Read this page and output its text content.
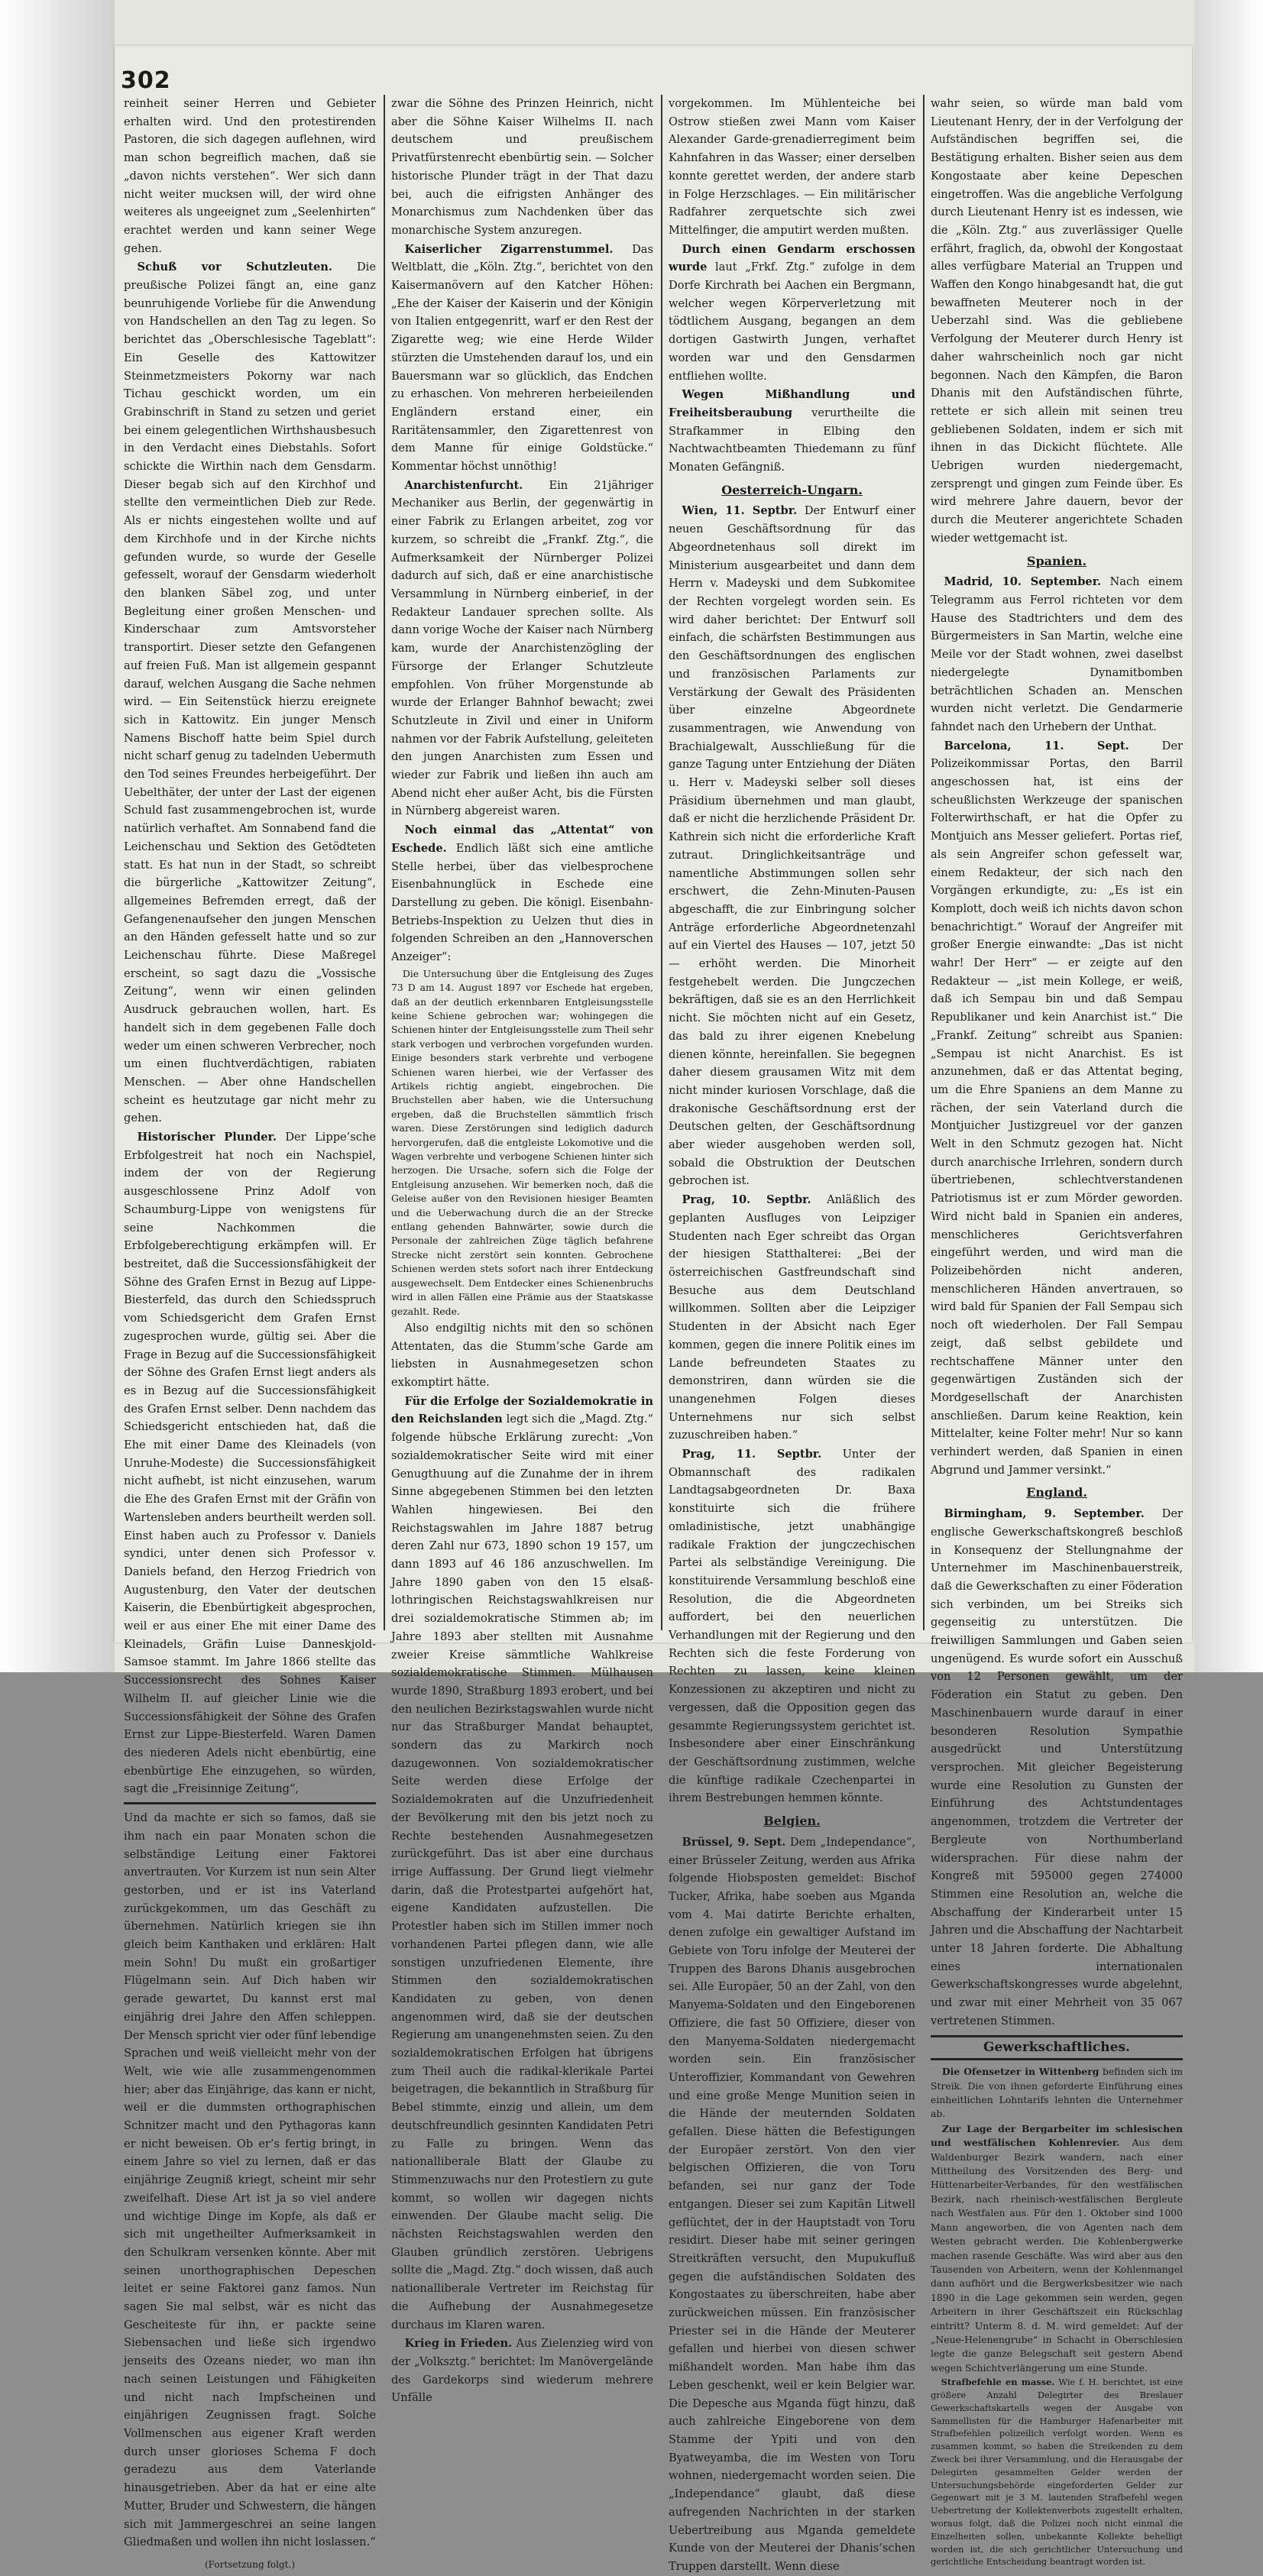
302

reinheit seiner Herren und Gebieter erhalten wird. Und den protestirenden Pastoren, die sich dagegen auflehnen, wird man schon begreiflich machen, daß sie „davon nichts verstehen“. Wer sich dann nicht weiter mucksen will, der wird ohne weiteres als ungeeignet zum „Seelenhirten“ erachtet werden und kann seiner Wege gehen.

Schuß vor Schutzleuten. Die preußische Polizei fängt an, eine ganz beunruhigende Vorliebe für die Anwendung von Handschellen an den Tag zu legen. So berichtet das „Oberschlesische Tageblatt“: Ein Geselle des Kattowitzer Steinmetzmeisters Pokorny war nach Tichau geschickt worden, um ein Grabinschrift in Stand zu setzen und geriet bei einem gelegentlichen Wirthshausbesuch in den Verdacht eines Diebstahls. Sofort schickte die Wirthin nach dem Gensdarm. Dieser begab sich auf den Kirchhof und stellte den vermeintlichen Dieb zur Rede. Als er nichts eingestehen wollte und auf dem Kirchhofe und in der Kirche nichts gefunden wurde, so wurde der Geselle gefesselt, worauf der Gensdarm wiederholt den blanken Säbel zog, und unter Begleitung einer großen Menschen- und Kinderschaar zum Amtsvorsteher transportirt. Dieser setzte den Gefangenen auf freien Fuß. Man ist allgemein gespannt darauf, welchen Ausgang die Sache nehmen wird. — Ein Seitenstück hierzu ereignete sich in Kattowitz. Ein junger Mensch Namens Bischoff hatte beim Spiel durch nicht scharf genug zu tadelnden Uebermuth den Tod seines Freundes herbeigeführt. Der Uebelthäter, der unter der Last der eigenen Schuld fast zusammengebrochen ist, wurde natürlich verhaftet. Am Sonnabend fand die Leichenschau und Sektion des Getödteten statt. Es hat nun in der Stadt, so schreibt die bürgerliche „Kattowitzer Zeitung“, allgemeines Befremden erregt, daß der Gefangenenaufseher den jungen Menschen an den Händen gefesselt hatte und so zur Leichenschau führte. Diese Maßregel erscheint, so sagt dazu die „Vossische Zeitung“, wenn wir einen gelinden Ausdruck gebrauchen wollen, hart. Es handelt sich in dem gegebenen Falle doch weder um einen schweren Verbrecher, noch um einen fluchtverdächtigen, rabiaten Menschen. — Aber ohne Handschellen scheint es heutzutage gar nicht mehr zu gehen.

Historischer Plunder. Der Lippe’sche Erbfolgestreit hat noch ein Nachspiel, indem der von der Regierung ausgeschlossene Prinz Adolf von Schaumburg-Lippe von wenigstens für seine Nachkommen die Erbfolgeberechtigung erkämpfen will. Er bestreitet, daß die Successionsfähigkeit der Söhne des Grafen Ernst in Bezug auf Lippe-Biesterfeld, das durch den Schiedsspruch vom Schiedsgericht dem Grafen Ernst zugesprochen wurde, gültig sei. Aber die Frage in Bezug auf die Successionsfähigkeit der Söhne des Grafen Ernst liegt anders als es in Bezug auf die Successionsfähigkeit des Grafen Ernst selber. Denn nachdem das Schiedsgericht entschieden hat, daß die Ehe mit einer Dame des Kleinadels (von Unruhe-Modeste) die Successionsfähigkeit nicht aufhebt, ist nicht einzusehen, warum die Ehe des Grafen Ernst mit der Gräfin von Wartensleben anders beurtheilt werden soll. Einst haben auch zu Professor v. Daniels syndici, unter denen sich Professor v. Daniels befand, den Herzog Friedrich von Augustenburg, den Vater der deutschen Kaiserin, die Ebenbürtigkeit abgesprochen, weil er aus einer Ehe mit einer Dame des Kleinadels, Gräfin Luise Danneskjold-Samsoe stammt. Im Jahre 1866 stellte das Successionsrecht des Sohnes Kaiser Wilhelm II. auf gleicher Linie wie die Successionsfähigkeit der Söhne des Grafen Ernst zur Lippe-Biesterfeld. Waren Damen des niederen Adels nicht ebenbürtig, eine ebenbürtige Ehe einzugehen, so würden, sagt die „Freisinnige Zeitung“,

Und da machte er sich so famos, daß sie ihm nach ein paar Monaten schon die selbständige Leitung einer Faktorei anvertrauten. Vor Kurzem ist nun sein Alter gestorben, und er ist ins Vaterland zurückgekommen, um das Geschäft zu übernehmen. Natürlich kriegen sie ihn gleich beim Kanthaken und erklären: Halt mein Sohn! Du mußt ein großartiger Flügelmann sein. Auf Dich haben wir gerade gewartet, Du kannst erst mal einjährig drei Jahre den Affen schleppen. Der Mensch spricht vier oder fünf lebendige Sprachen und weiß vielleicht mehr von der Welt, wie wie alle zusammengenommen hier; aber das Einjährige, das kann er nicht, weil er die dummsten orthographischen Schnitzer macht und den Pythagoras kann er nicht beweisen. Ob er’s fertig bringt, in einem Jahre so viel zu lernen, daß er das einjährige Zeugniß kriegt, scheint mir sehr zweifelhaft. Diese Art ist ja so viel andere und wichtige Dinge im Kopfe, als daß er sich mit ungetheilter Aufmerksamkeit in den Schulkram versenken könnte. Aber mit seinen unorthographischen Depeschen leitet er seine Faktorei ganz famos. Nun sagen Sie mal selbst, wär es nicht das Gescheiteste für ihn, er packte seine Siebensachen und ließe sich irgendwo jenseits des Ozeans nieder, wo man ihn nach seinen Leistungen und Fähigkeiten und nicht nach Impfscheinen und einjährigen Zeugnissen fragt. Solche Vollmenschen aus eigener Kraft werden durch unser glorioses Schema F doch geradezu aus dem Vaterlande hinausgetrieben. Aber da hat er eine alte Mutter, Bruder und Schwestern, die hängen sich mit Jammergeschrei an seine langen Gliedmaßen und wollen ihn nicht loslassen.“

(Fortsetzung folgt.)

zwar die Söhne des Prinzen Heinrich, nicht aber die Söhne Kaiser Wilhelms II. nach deutschem und preußischem Privatfürstenrecht ebenbürtig sein. — Solcher historische Plunder trägt in der That dazu bei, auch die eifrigsten Anhänger des Monarchismus zum Nachdenken über das monarchische System anzuregen.

Kaiserlicher Zigarrenstummel. Das Weltblatt, die „Köln. Ztg.“, berichtet von den Kaisermanövern auf den Katcher Höhen: „Ehe der Kaiser der Kaiserin und der Königin von Italien entgegenritt, warf er den Rest der Zigarette weg; wie eine Herde Wilder stürzten die Umstehenden darauf los, und ein Bauersmann war so glücklich, das Endchen zu erhaschen. Von mehreren herbeieilenden Engländern erstand einer, ein Raritätensammler, den Zigarettenrest von dem Manne für einige Goldstücke.“ Kommentar höchst unnöthig!

Anarchistenfurcht. Ein 21jähriger Mechaniker aus Berlin, der gegenwärtig in einer Fabrik zu Erlangen arbeitet, zog vor kurzem, so schreibt die „Frankf. Ztg.“, die Aufmerksamkeit der Nürnberger Polizei dadurch auf sich, daß er eine anarchistische Versammlung in Nürnberg einberief, in der Redakteur Landauer sprechen sollte. Als dann vorige Woche der Kaiser nach Nürnberg kam, wurde der Anarchistenzögling der Fürsorge der Erlanger Schutzleute empfohlen. Von früher Morgenstunde ab wurde der Erlanger Bahnhof bewacht; zwei Schutzleute in Zivil und einer in Uniform nahmen vor der Fabrik Aufstellung, geleiteten den jungen Anarchisten zum Essen und wieder zur Fabrik und ließen ihn auch am Abend nicht eher außer Acht, bis die Fürsten in Nürnberg abgereist waren.

Noch einmal das „Attentat“ von Eschede. Endlich läßt sich eine amtliche Stelle herbei, über das vielbesprochene Eisenbahnunglück in Eschede eine Darstellung zu geben. Die königl. Eisenbahn-Betriebs-Inspektion zu Uelzen thut dies in folgenden Schreiben an den „Hannoverschen Anzeiger“:

Die Untersuchung über die Entgleisung des Zuges 73 D am 14. August 1897 vor Eschede hat ergeben, daß an der deutlich erkennbaren Entgleisungsstelle keine Schiene gebrochen war; wohingegen die Schienen hinter der Entgleisungsstelle zum Theil sehr stark verbogen und verbrochen vorgefunden wurden. Einige besonders stark verbrehte und verbogene Schienen waren hierbei, wie der Verfasser des Artikels richtig angiebt, eingebrochen. Die Bruchstellen aber haben, wie die Untersuchung ergeben, daß die Bruchstellen sämmtlich frisch waren. Diese Zerstörungen sind lediglich dadurch hervorgerufen, daß die entgleiste Lokomotive und die Wagen verbrehte und verbogene Schienen hinter sich herzogen. Die Ursache, sofern sich die Folge der Entgleisung anzusehen. Wir bemerken noch, daß die Geleise außer von den Revisionen hiesiger Beamten und die Ueberwachung durch die an der Strecke entlang gehenden Bahnwärter, sowie durch die Personale der zahlreichen Züge täglich befahrene Strecke nicht zerstört sein konnten. Gebrochene Schienen werden stets sofort nach ihrer Entdeckung ausgewechselt. Dem Entdecker eines Schienenbruchs wird in allen Fällen eine Prämie aus der Staatskasse gezahlt. Rede.

Also endgiltig nichts mit den so schönen Attentaten, das die Stumm’sche Garde am liebsten in Ausnahmegesetzen schon exkomptirt hätte.

Für die Erfolge der Sozialdemokratie in den Reichslanden legt sich die „Magd. Ztg.“ folgende hübsche Erklärung zurecht: „Von sozialdemokratischer Seite wird mit einer Genugthuung auf die Zunahme der in ihrem Sinne abgegebenen Stimmen bei den letzten Wahlen hingewiesen. Bei den Reichstagswahlen im Jahre 1887 betrug deren Zahl nur 673, 1890 schon 19 157, um dann 1893 auf 46 186 anzuschwellen. Im Jahre 1890 gaben von den 15 elsaß-lothringischen Reichstagswahlkreisen nur drei sozialdemokratische Stimmen ab; im Jahre 1893 aber stellten mit Ausnahme zweier Kreise sämmtliche Wahlkreise sozialdemokratische Stimmen. Mülhausen wurde 1890, Straßburg 1893 erobert, und bei den neulichen Bezirkstagswahlen wurde nicht nur das Straßburger Mandat behauptet, sondern das zu Markirch noch dazugewonnen. Von sozialdemokratischer Seite werden diese Erfolge der Sozialdemokraten auf die Unzufriedenheit der Bevölkerung mit den bis jetzt noch zu Rechte bestehenden Ausnahmegesetzen zurückgeführt. Das ist aber eine durchaus irrige Auffassung. Der Grund liegt vielmehr darin, daß die Protestpartei aufgehört hat, eigene Kandidaten aufzustellen. Die Protestler haben sich im Stillen immer noch vorhandenen Partei pflegen dann, wie alle sonstigen unzufriedenen Elemente, ihre Stimmen den sozialdemokratischen Kandidaten zu geben, von denen angenommen wird, daß sie der deutschen Regierung am unangenehmsten seien. Zu den sozialdemokratischen Erfolgen hat übrigens zum Theil auch die radikal-klerikale Partei beigetragen, die bekanntlich in Straßburg für Bebel stimmte, einzig und allein, um dem deutschfreundlich gesinnten Kandidaten Petri zu Falle zu bringen. Wenn das nationalliberale Blatt der Glaube zu Stimmenzuwachs nur den Protestlern zu gute kommt, so wollen wir dagegen nichts einwenden. Der Glaube macht selig. Die nächsten Reichstagswahlen werden den Glauben gründlich zerstören. Uebrigens sollte die „Magd. Ztg.“ doch wissen, daß auch nationalliberale Vertreter im Reichstag für die Aufhebung der Ausnahmegesetze durchaus im Klaren waren.

Krieg in Frieden. Aus Zielenzieg wird von der „Volksztg.“ berichtet: Im Manövergelände des Gardekorps sind wiederum mehrere Unfälle

vorgekommen. Im Mühlenteiche bei Ostrow stießen zwei Mann vom Kaiser Alexander Garde-grenadierregiment beim Kahnfahren in das Wasser; einer derselben konnte gerettet werden, der andere starb in Folge Herzschlages. — Ein militärischer Radfahrer zerquetschte sich zwei Mittelfinger, die amputirt werden mußten.

Durch einen Gendarm erschossen wurde laut „Frkf. Ztg.“ zufolge in dem Dorfe Kirchrath bei Aachen ein Bergmann, welcher wegen Körperverletzung mit tödtlichem Ausgang, begangen an dem dortigen Gastwirth Jungen, verhaftet worden war und den Gensdarmen entfliehen wollte.

Wegen Mißhandlung und Freiheitsberaubung verurtheilte die Strafkammer in Elbing den Nachtwachtbeamten Thiedemann zu fünf Monaten Gefängniß.

Oesterreich-Ungarn.

Wien, 11. Septbr. Der Entwurf einer neuen Geschäftsordnung für das Abgeordnetenhaus soll direkt im Ministerium ausgearbeitet und dann dem Herrn v. Madeyski und dem Subkomitee der Rechten vorgelegt worden sein. Es wird daher berichtet: Der Entwurf soll einfach, die schärfsten Bestimmungen aus den Geschäftsordnungen des englischen und französischen Parlaments zur Verstärkung der Gewalt des Präsidenten über einzelne Abgeordnete zusammentragen, wie Anwendung von Brachialgewalt, Ausschließung für die ganze Tagung unter Entziehung der Diäten u. Herr v. Madeyski selber soll dieses Präsidium übernehmen und man glaubt, daß er nicht die herzlichende Präsident Dr. Kathrein sich nicht die erforderliche Kraft zutraut. Dringlichkeitsanträge und namentliche Abstimmungen sollen sehr erschwert, die Zehn-Minuten-Pausen abgeschafft, die zur Einbringung solcher Anträge erforderliche Abgeordnetenzahl auf ein Viertel des Hauses — 107, jetzt 50 — erhöht werden. Die Minorheit festgehebelt werden. Die Jungczechen bekräftigen, daß sie es an den Herrlichkeit nicht. Sie möchten nicht auf ein Gesetz, das bald zu ihrer eigenen Knebelung dienen könnte, hereinfallen. Sie begegnen daher diesem grausamen Witz mit dem nicht minder kuriosen Vorschlage, daß die drakonische Geschäftsordnung erst der Deutschen gelten, der Geschäftsordnung aber wieder ausgehoben werden soll, sobald die Obstruktion der Deutschen gebrochen ist.

Prag, 10. Septbr. Anläßlich des geplanten Ausfluges von Leipziger Studenten nach Eger schreibt das Organ der hiesigen Statthalterei: „Bei der österreichischen Gastfreundschaft sind Besuche aus dem Deutschland willkommen. Sollten aber die Leipziger Studenten in der Absicht nach Eger kommen, gegen die innere Politik eines im Lande befreundeten Staates zu demonstriren, dann würden sie die unangenehmen Folgen dieses Unternehmens nur sich selbst zuzuschreiben haben.“

Prag, 11. Septbr. Unter der Obmannschaft des radikalen Landtagsabgeordneten Dr. Baxa konstituirte sich die frühere omladinistische, jetzt unabhängige radikale Fraktion der jungczechischen Partei als selbständige Vereinigung. Die konstituirende Versammlung beschloß eine Resolution, die die Abgeordneten auffordert, bei den neuerlichen Verhandlungen mit der Regierung und den Rechten sich die feste Forderung von Rechten zu lassen, keine kleinen Konzessionen zu akzeptiren und nicht zu vergessen, daß die Opposition gegen das gesammte Regierungssystem gerichtet ist. Insbesondere aber einer Einschränkung der Geschäftsordnung zustimmen, welche die künftige radikale Czechenpartei in ihrem Bestrebungen hemmen könnte.

Belgien.

Brüssel, 9. Sept. Dem „Independance“, einer Brüsseler Zeitung, werden aus Afrika folgende Hiobsposten gemeldet: Bischof Tucker, Afrika, habe soeben aus Mganda vom 4. Mai datirte Berichte erhalten, denen zufolge ein gewaltiger Aufstand im Gebiete von Toru infolge der Meuterei der Truppen des Barons Dhanis ausgebrochen sei. Alle Europäer, 50 an der Zahl, von den Manyema-Soldaten und den Eingeborenen Offiziere, die fast 50 Offiziere, dieser von den Manyema-Soldaten niedergemacht worden sein. Ein französischer Unteroffizier, Kommandant von Gewehren und eine große Menge Munition seien in die Hände der meuternden Soldaten gefallen. Diese hätten die Befestigungen der Europäer zerstört. Von den vier belgischen Offizieren, die von Toru befanden, sei nur ganz der Tode entgangen. Dieser sei zum Kapitän Litwell geflüchtet, der in der Hauptstadt von Toru residirt. Dieser habe mit seiner geringen Streitkräften versucht, den Mupukufluß gegen die aufständischen Soldaten des Kongostaates zu überschreiten, habe aber zurückweichen müssen. Ein französischer Priester sei in die Hände der Meuterer gefallen und hierbei von diesen schwer mißhandelt worden. Man habe ihm das Leben geschenkt, weil er kein Belgier war. Die Depesche aus Mganda fügt hinzu, daß auch zahlreiche Eingeborene von dem Stamme der Ypiti und von den Byatweyamba, die im Westen von Toru wohnen, niedergemacht worden seien. Die „Independance“ glaubt, daß diese aufregenden Nachrichten in der starken Uebertreibung aus Mganda gemeldete Kunde von der Meuterei der Dhanis’schen Truppen darstellt. Wenn diese

wahr seien, so würde man bald vom Lieutenant Henry, der in der Verfolgung der Aufständischen begriffen sei, die Bestätigung erhalten. Bisher seien aus dem Kongostaate aber keine Depeschen eingetroffen. Was die angebliche Verfolgung durch Lieutenant Henry ist es indessen, wie die „Köln. Ztg.“ aus zuverlässiger Quelle erfährt, fraglich, da, obwohl der Kongostaat alles verfügbare Material an Truppen und Waffen den Kongo hinabgesandt hat, die gut bewaffneten Meuterer noch in der Ueberzahl sind. Was die gebliebene Verfolgung der Meuterer durch Henry ist daher wahrscheinlich noch gar nicht begonnen. Nach den Kämpfen, die Baron Dhanis mit den Aufständischen führte, rettete er sich allein mit seinen treu gebliebenen Soldaten, indem er sich mit ihnen in das Dickicht flüchtete. Alle Uebrigen wurden niedergemacht, zersprengt und gingen zum Feinde über. Es wird mehrere Jahre dauern, bevor der durch die Meuterer angerichtete Schaden wieder wettgemacht ist.

Spanien.

Madrid, 10. September. Nach einem Telegramm aus Ferrol richteten vor dem Hause des Stadtrichters und dem des Bürgermeisters in San Martin, welche eine Meile vor der Stadt wohnen, zwei daselbst niedergelegte Dynamitbomben beträchtlichen Schaden an. Menschen wurden nicht verletzt. Die Gendarmerie fahndet nach den Urhebern der Unthat.

Barcelona, 11. Sept.	Der Polizeikommissar Portas, den Barril angeschossen hat, ist eins der scheußlichsten Werkzeuge der spanischen Folterwirthschaft, er hat die Opfer zu Montjuich ans Messer geliefert. Portas rief, als sein Angreifer schon gefesselt war, einem Redakteur, der sich nach den Vorgängen erkundigte, zu: „Es ist ein Komplott, doch weiß ich nichts davon schon benachrichtigt.“ Worauf der Angreifer mit großer Energie einwandte: „Das ist nicht wahr! Der Herr“ — er zeigte auf den Redakteur — „ist mein Kollege, er weiß, daß ich Sempau bin und daß Sempau Republikaner und kein Anarchist ist.“ Die „Frankf. Zeitung“ schreibt aus Spanien: „Sempau ist nicht Anarchist. Es ist anzunehmen, daß er das Attentat beging, um die Ehre Spaniens an dem Manne zu rächen, der sein Vaterland durch die Montjuicher Justizgreuel vor der ganzen Welt in den Schmutz gezogen hat. Nicht durch anarchische Irrlehren, sondern durch übertriebenen, schlechtverstandenen Patriotismus ist er zum Mörder geworden. Wird nicht bald in Spanien ein anderes, menschlicheres Gerichtsverfahren eingeführt werden, und wird man die Polizeibehörden nicht anderen, menschlicheren Händen anvertrauen, so wird bald für Spanien der Fall Sempau sich noch oft wiederholen. Der Fall Sempau zeigt, daß selbst gebildete und rechtschaffene Männer unter den gegenwärtigen Zuständen sich der Mordgesellschaft der Anarchisten anschließen. Darum keine Reaktion, kein Mittelalter, keine Folter mehr! Nur so kann verhindert werden, daß Spanien in einen Abgrund und Jammer versinkt.“

England.

Birmingham, 9. September. Der englische Gewerkschaftskongreß beschloß in Konsequenz der Stellungnahme der Unternehmer im Maschinenbauerstreik, daß die Gewerkschaften zu einer Föderation sich verbinden, um bei Streiks sich gegenseitig zu unterstützen. Die freiwilligen Sammlungen und Gaben seien ungenügend. Es wurde sofort ein Ausschuß von 12 Personen gewählt, um der Föderation ein Statut zu geben. Den Maschinenbauern wurde darauf in einer besonderen Resolution Sympathie ausgedrückt und Unterstützung versprochen. Mit gleicher Begeisterung wurde eine Resolution zu Gunsten der Einführung des Achtstundentages angenommen, trotzdem die Vertreter der Bergleute von Northumberland widersprachen. Für diese nahm der Kongreß mit 595000 gegen 274000 Stimmen eine Resolution an, welche die Abschaffung der Kinderarbeit unter 15 Jahren und die Abschaffung der Nachtarbeit unter 18 Jahren forderte. Die Abhaltung eines internationalen Gewerkschaftskongresses wurde abgelehnt, und zwar mit einer Mehrheit von 35 067 vertretenen Stimmen.

Gewerkschaftliches.

Die Ofensetzer in Wittenberg befinden sich im Streik. Die von ihnen geforderte Einführung eines einheitlichen Lohntarifs lehnten die Unternehmer ab.

Zur Lage der Bergarbeiter im schlesischen und westfälischen Kohlenrevier. Aus dem Waldenburger Bezirk wandern, nach einer Mittheilung des Vorsitzenden des Berg- und Hüttenarbeiter-Verbandes, für den westfälischen Bezirk, nach rheinisch-westfälischen Bergleute nach Westfalen aus. Für den 1. Oktober sind 1000 Mann angeworben, die von Agenten nach dem Westen gebracht werden. Die Kohlenbergwerke machen rasende Geschäfte. Was wird aber aus den Tausenden von Arbeitern, wenn der Kohlenmangel dann aufhört und die Bergwerksbesitzer wie nach 1890 in die Lage gekommen sein werden, gegen Arbeitern in ihrer Geschäftszeit ein Rückschlag eintritt? Unterm 8. d. M. wird gemeldet: Auf der „Neue-Helenengrube“ in Schacht in Oberschlesien legte die ganze Belegschaft seit gestern Abend wegen Schichtverlängerung um eine Stunde.

Strafbefehle en masse. Wie f. H. berichtet, ist eine größere Anzahl Delegirter des Breslauer Gewerkschaftskartells wegen der Ausgabe von Sammellisten für die Hamburger Hafenarbeiter mit Strafbefehlen polizeilich verfolgt worden. Wenn es zusammen kommt, so haben die Streikenden zu dem Zweck bei ihrer Versammlung, und die Herausgabe der Delegirten gesammelten Gelder werden der Untersuchungsbehörde eingeforderten Gelder zur Gegenwart mit je 3 M. lautenden Strafbefehl wegen Uebertretung der Kollektenverbots zugestellt erhalten, woraus folgt, daß die Polizei noch nicht einmal die Einzelheiten sollen, unbekannte Kollekte behelligt worden ist, die sich gerichtlicher Untersuchung und gerichtliche Entscheidung beantragt worden ist.
